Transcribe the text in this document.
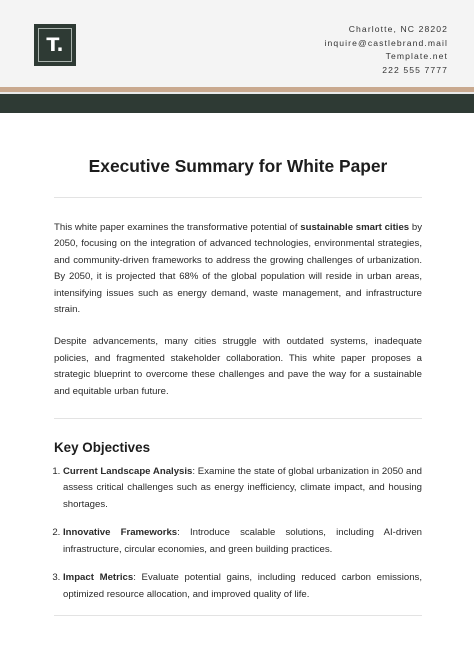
T.
Charlotte, NC 28202
inquire@castlebrand.mail
Template.net
222 555 7777
Executive Summary for White Paper

This white paper examines the transformative potential of sustainable smart cities by 2050, focusing on the integration of advanced technologies, environmental strategies, and community-driven frameworks to address the growing challenges of urbanization. By 2050, it is projected that 68% of the global population will reside in urban areas, intensifying issues such as energy demand, waste management, and infrastructure strain.

Despite advancements, many cities struggle with outdated systems, inadequate policies, and fragmented stakeholder collaboration. This white paper proposes a strategic blueprint to overcome these challenges and pave the way for a sustainable and equitable urban future.

Key Objectives
1. Current Landscape Analysis: Examine the state of global urbanization in 2050 and assess critical challenges such as energy inefficiency, climate impact, and housing shortages.
2. Innovative Frameworks: Introduce scalable solutions, including AI-driven infrastructure, circular economies, and green building practices.
3. Impact Metrics: Evaluate potential gains, including reduced carbon emissions, optimized resource allocation, and improved quality of life.
